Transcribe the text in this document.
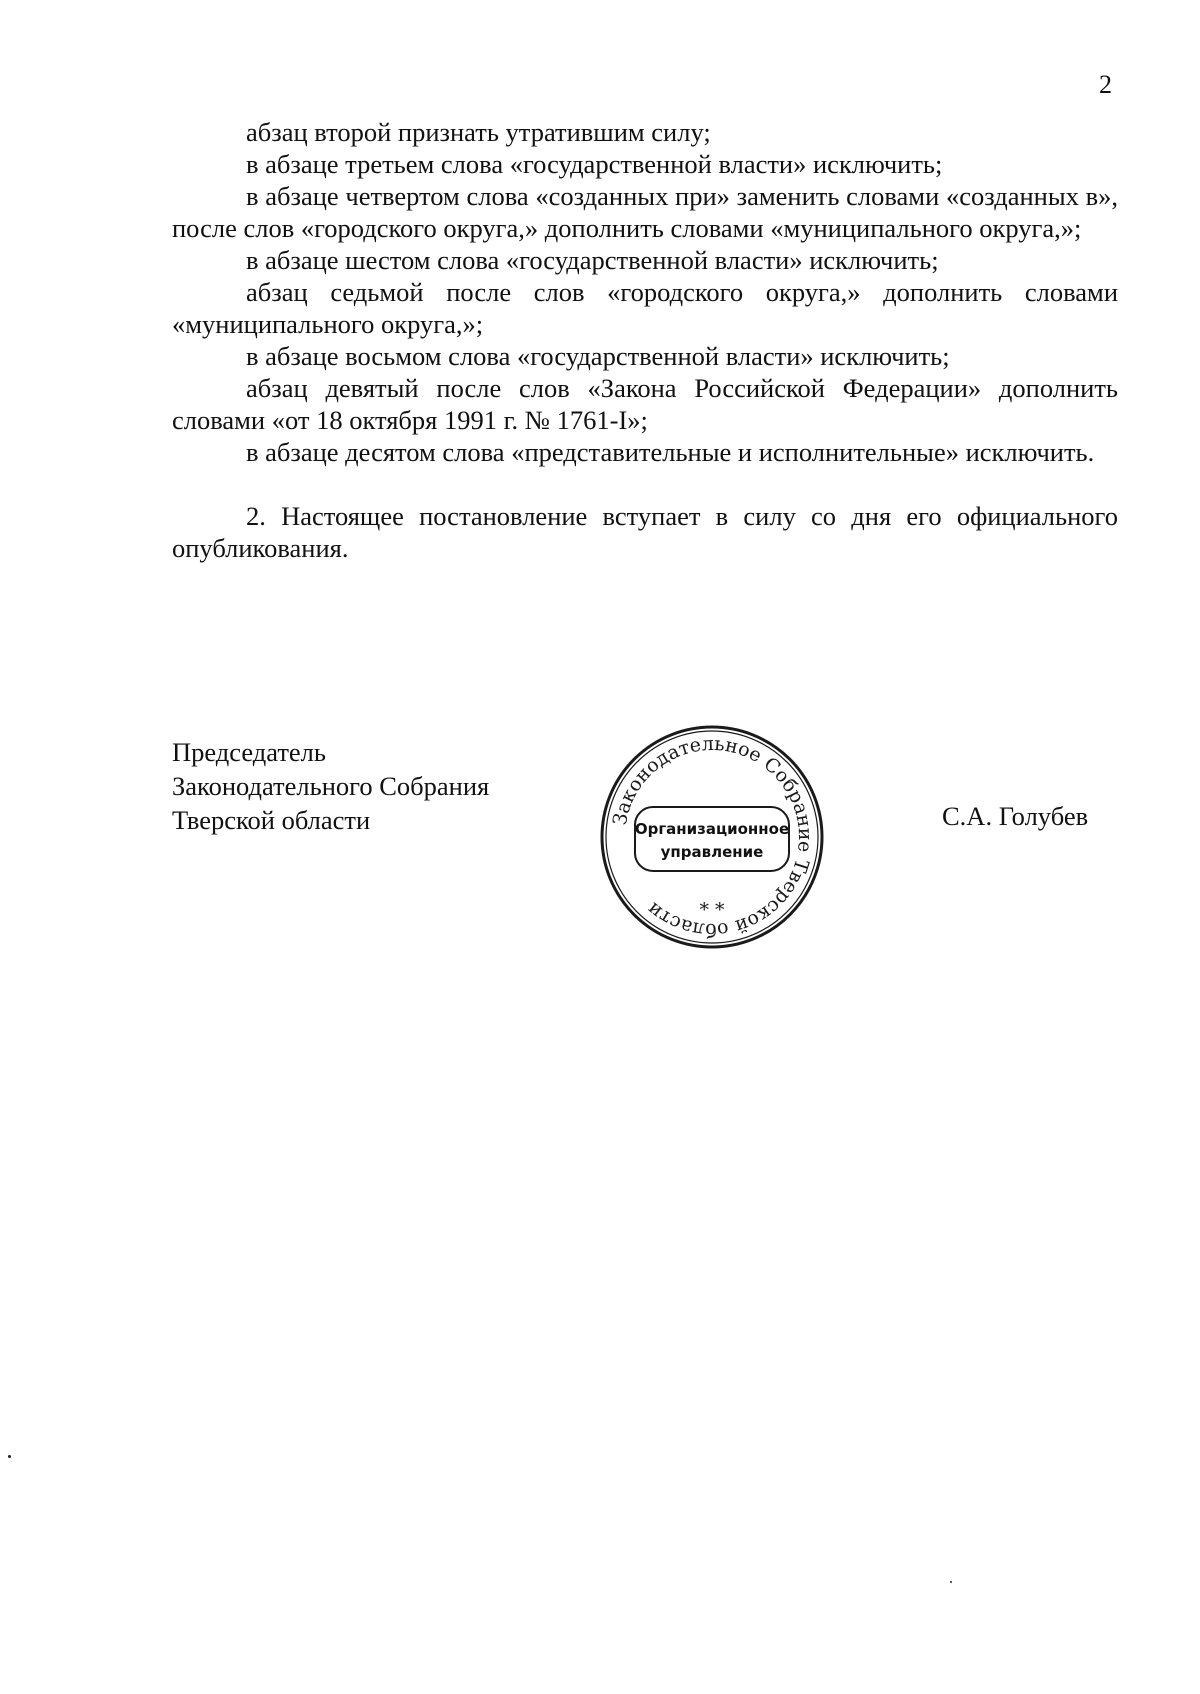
2

абзац второй признать утратившим силу;

в абзаце третьем слова «государственной власти» исключить;

в абзаце четвертом слова «созданных при» заменить словами «созданных в», после слов «городского округа,» дополнить словами «муниципального округа,»;

в абзаце шестом слова «государственной власти» исключить;

абзац седьмой после слов «городского округа,» дополнить словами «муниципального округа,»;

в абзаце восьмом слова «государственной власти» исключить;

абзац девятый после слов «Закона Российской Федерации» дополнить словами «от 18 октября 1991 г. № 1761-I»;

в абзаце десятом слова «представительные и исполнительные» исключить.

2. Настоящее постановление вступает в силу со дня его официального опубликования.

Председатель
Законодательного Собрания
Тверской области	С.А. Голубев
Законодательное Собрание Тверской области
Организационное
управление
* *
